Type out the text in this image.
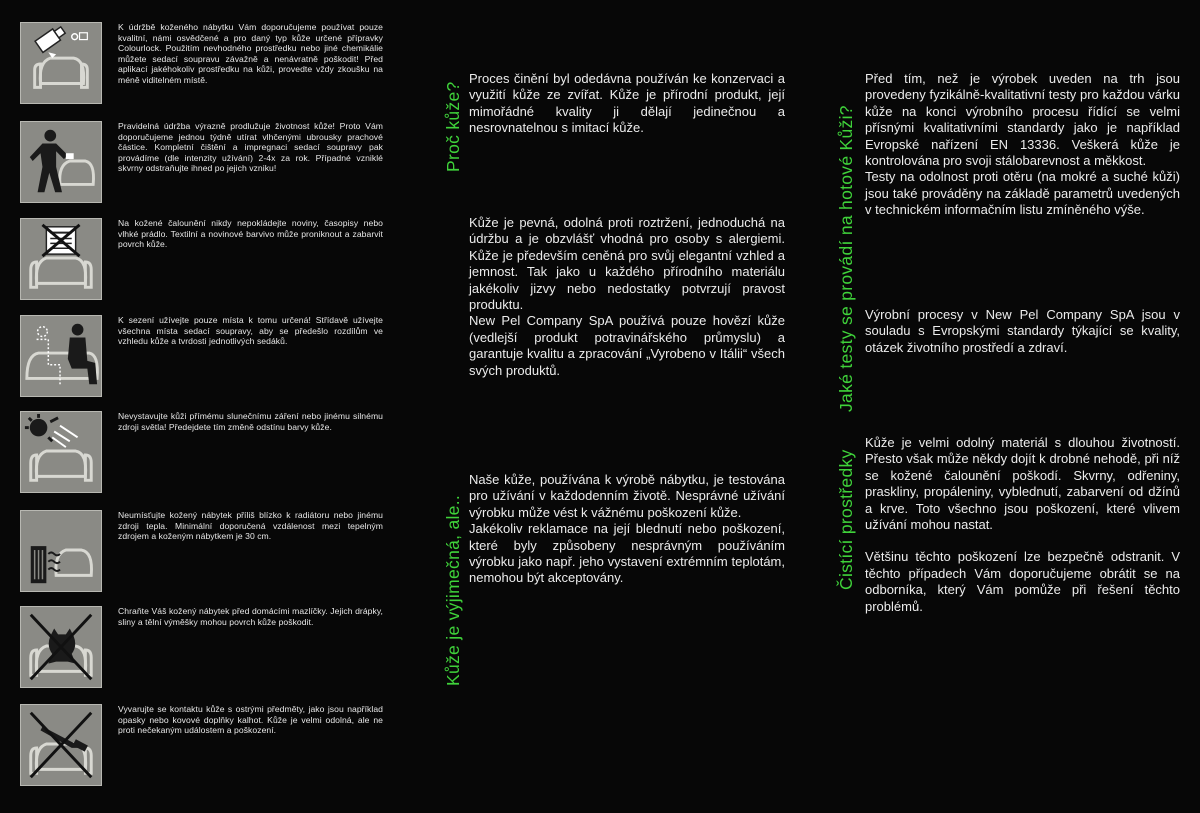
K údržbě koženého nábytku Vám doporučujeme používat pouze kvalitní, námi osvědčené a pro daný typ kůže určené přípravky Colourlock. Použitím nevhodného prostředku nebo jiné chemikálie můžete sedací soupravu závažně a nenávratně poškodit! Před aplikací jakéhokoliv prostředku na kůži, provedte vždy zkoušku na méně viditelném místě.
Pravidelná údržba výrazně prodlužuje životnost kůže! Proto Vám doporučujeme jednou týdně utírat vlhčenými ubrousky prachové částice. Kompletní čištění a impregnaci sedací soupravy pak provádíme (dle intenzity užívání) 2-4x za rok. Případné vzniklé skvrny odstraňujte ihned po jejich vzniku!
Na kožené čalounění nikdy nepokládejte noviny, časopisy nebo vlhké prádlo. Textilní a novinové barvivo může proniknout a zabarvit povrch kůže.
K sezení užívejte pouze místa k tomu určená! Střídavě užívejte všechna místa sedací soupravy, aby se předešlo rozdílům ve vzhledu kůže a tvrdosti jednotlivých sedáků.
Nevystavujte kůži přímému slunečnímu záření nebo jinému silnému zdroji světla! Předejdete tím změně odstínu barvy kůže.
Neumísťujte kožený nábytek příliš blízko k radiátoru nebo jinému zdroji tepla. Minimální doporučená vzdálenost mezi tepelným zdrojem a koženým nábytkem je 30 cm.
Chraňte Váš kožený nábytek před domácími mazlíčky. Jejich drápky, sliny a tělní výměšky mohou povrch kůže poškodit.
Vyvarujte se kontaktu kůže s ostrými předměty, jako jsou například opasky nebo kovové doplňky kalhot. Kůže je velmi odolná, ale ne proti nečekaným událostem a poškození.
Proč kůže?
Kůže je výjimečná, ale..

Proces činění byl odedávna používán ke konzervaci a využití kůže ze zvířat. Kůže je přírodní produkt, její mimořádné kvality ji dělají jedinečnou a nesrovnatelnou s imitací kůže.

Kůže je pevná, odolná proti roztržení, jednoduchá na údržbu a je obzvlášť vhodná pro osoby s alergiemi. Kůže je především ceněná pro svůj elegantní vzhled a jemnost. Tak jako u každého přírodního materiálu jakékoliv jizvy nebo nedostatky potvrzují pravost produktu.

New Pel Company SpA používá pouze hovězí kůže (vedlejší produkt potravinářského průmyslu) a garantuje kvalitu a zpracování „Vyrobeno v Itálii“ všech svých produktů.

Naše kůže, používána k výrobě nábytku, je testována pro užívání v každodenním životě. Nesprávné užívání výrobku může vést k vážnému poškození kůže.

Jakékoliv reklamace na její blednutí nebo poškození, které byly způsobeny nesprávným používáním výrobku jako např. jeho vystavení extrémním teplotám, nemohou být akceptovány.

Jaké testy se provádí na hotové Kůži?
Čistící prostředky

Před tím, než je výrobek uveden na trh jsou provedeny fyzikálně-kvalitativní testy pro každou várku kůže na konci výrobního procesu řídící se velmi přísnými kvalitativními standardy jako je například Evropské nařízení EN 13336. Veškerá kůže je kontrolována pro svoji stálobarevnost a měkkost.

Testy na odolnost proti otěru (na mokré a suché kůži) jsou také prováděny na základě parametrů uvedených v technickém informačním listu zmíněného výše.

Výrobní procesy v New Pel Company SpA jsou v souladu s Evropskými standardy týkající se kvality, otázek životního prostředí a zdraví.

Kůže je velmi odolný materiál s dlouhou životností. Přesto však může někdy dojít k drobné nehodě, při níž se kožené čalounění poškodí. Skvrny, odřeniny, praskliny, propáleniny, vyblednutí, zabarvení od džínů a krve. Toto všechno jsou poškození, které vlivem užívání mohou nastat.

Většinu těchto poškození lze bezpečně odstranit. V těchto případech Vám doporučujeme obrátit se na odborníka, který Vám pomůže při řešení těchto problémů.
